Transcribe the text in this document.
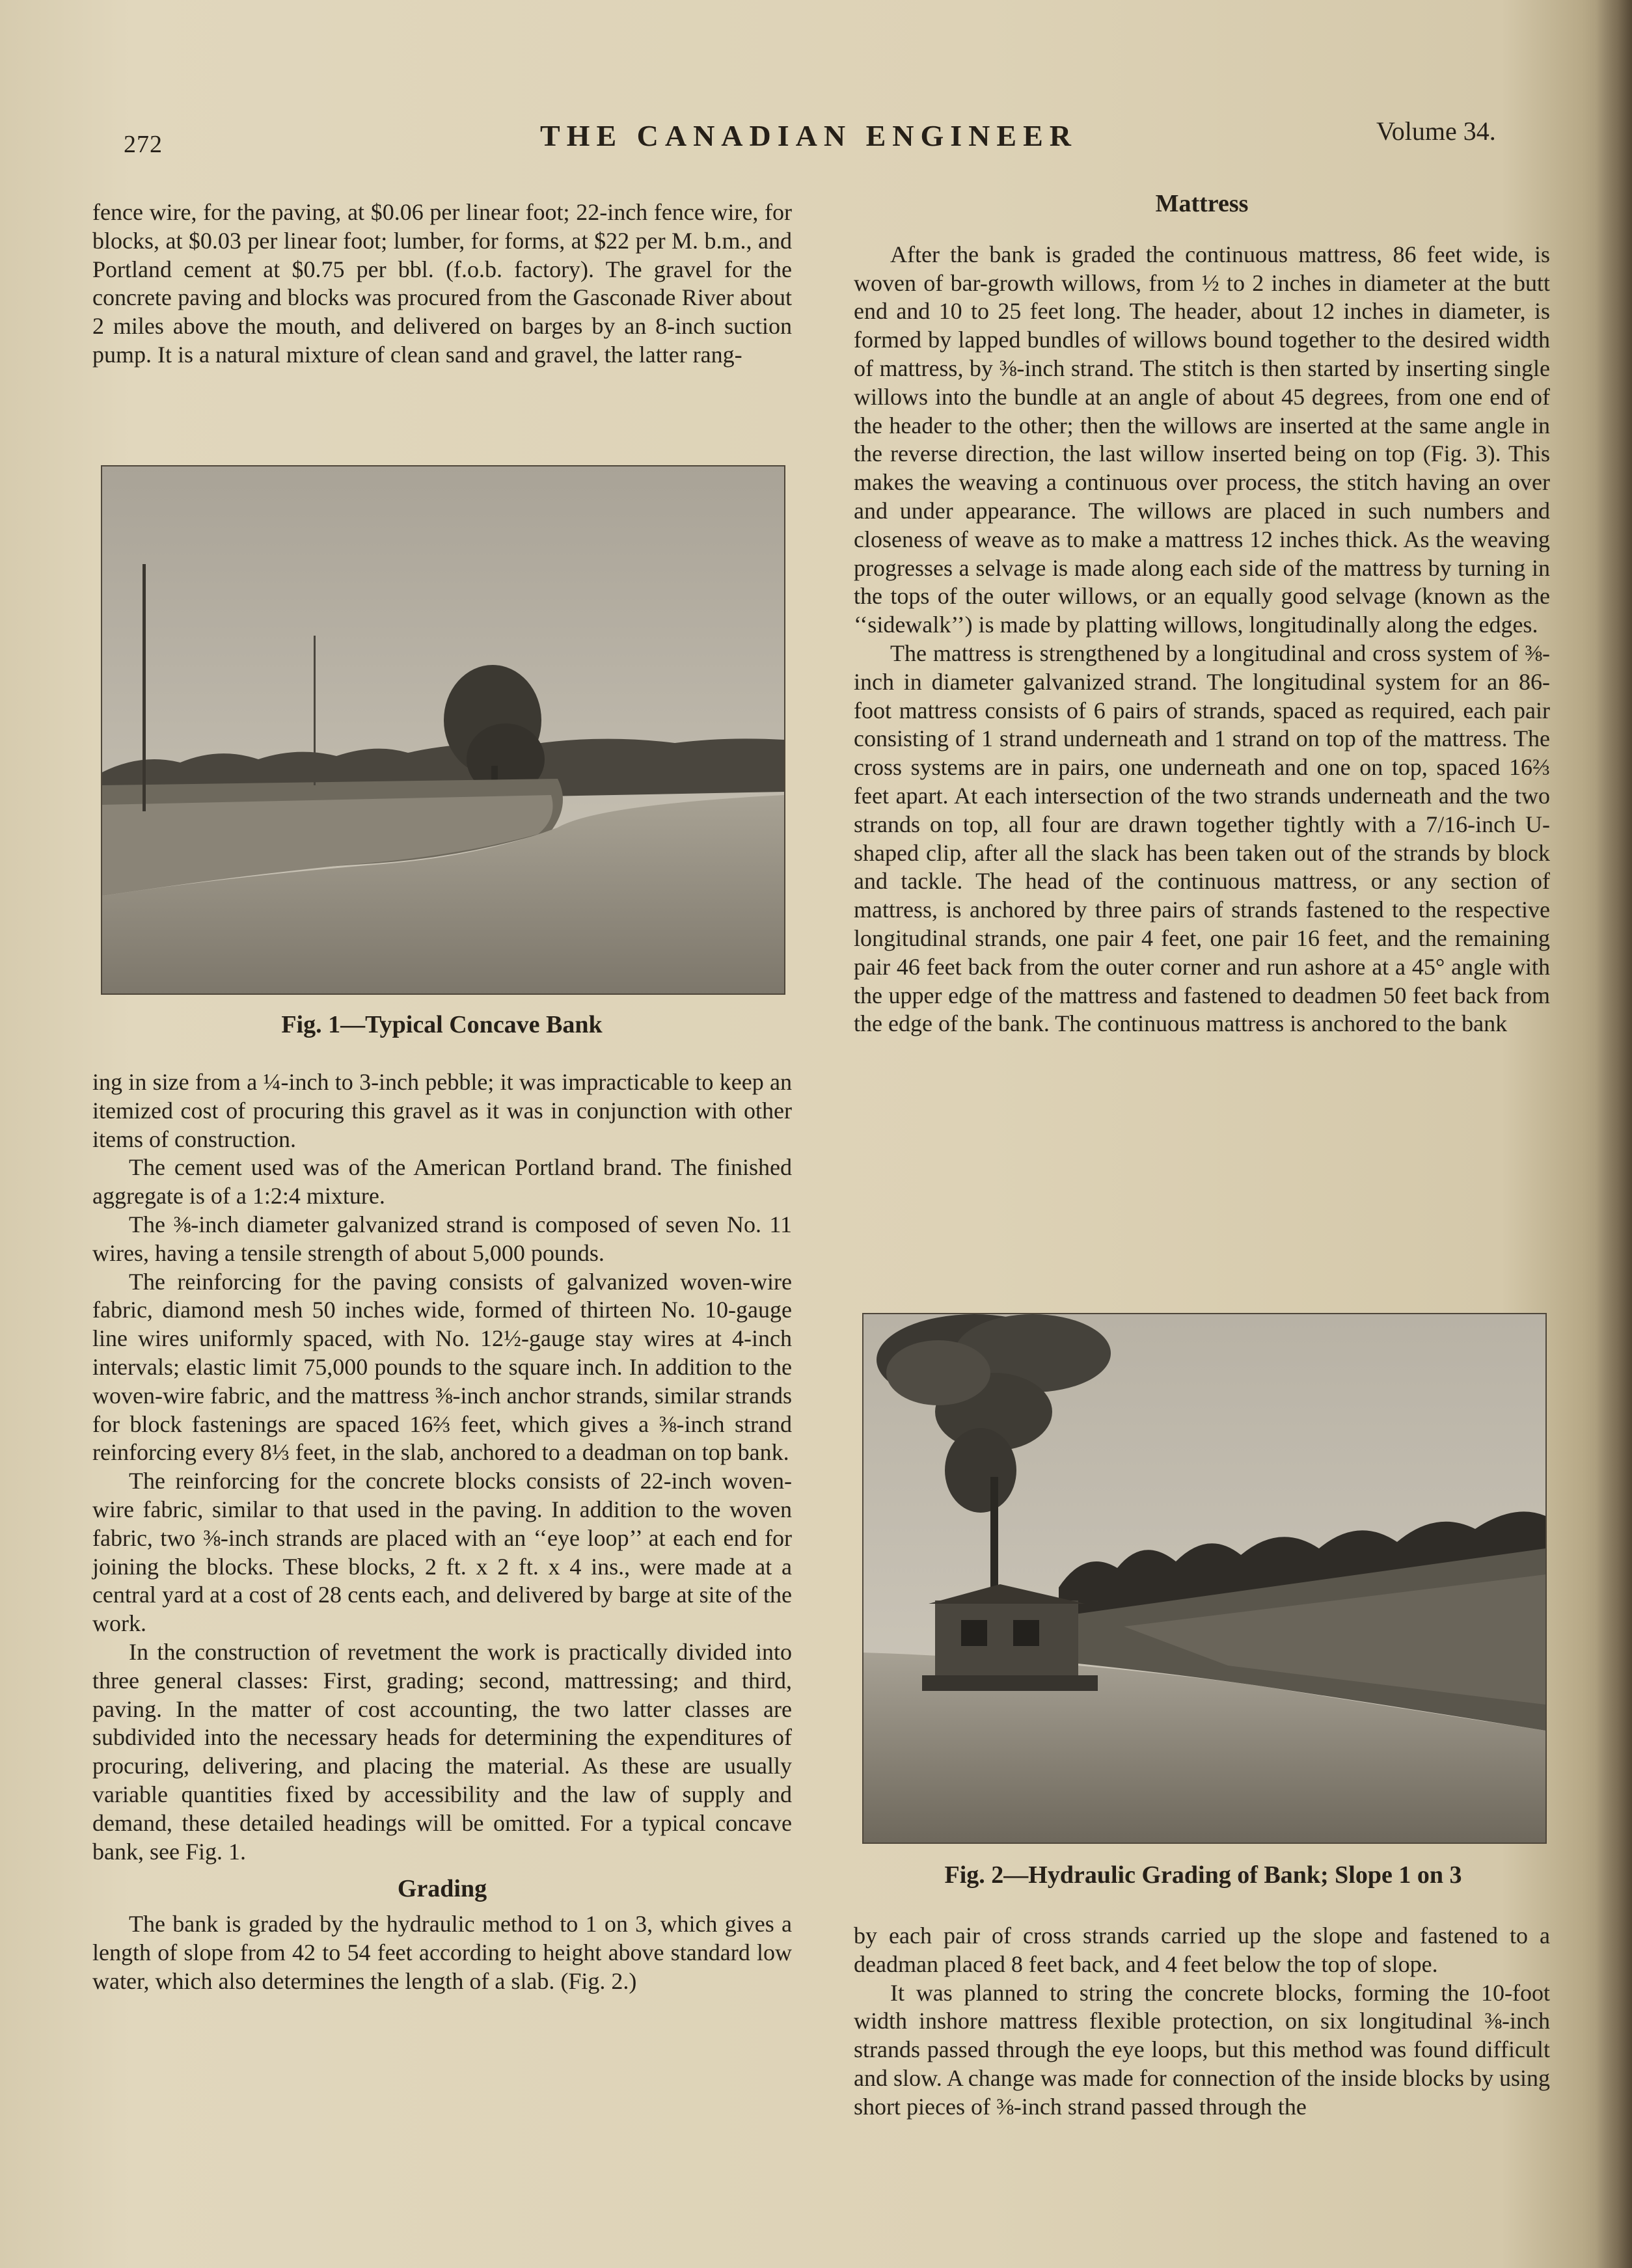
272	THE CANADIAN ENGINEER	Volume 34.

fence wire, for the paving, at $0.06 per linear foot; 22-inch fence wire, for blocks, at $0.03 per linear foot; lumber, for forms, at $22 per M. b.m., and Portland cement at $0.75 per bbl. (f.o.b. factory). The gravel for the concrete paving and blocks was procured from the Gasconade River about 2 miles above the mouth, and delivered on barges by an 8-inch suction pump. It is a natural mixture of clean sand and gravel, the latter rang-

Fig. 1—Typical Concave Bank

ing in size from a ¼-inch to 3-inch pebble; it was impracticable to keep an itemized cost of procuring this gravel as it was in conjunction with other items of construction.

The cement used was of the American Portland brand. The finished aggregate is of a 1:2:4 mixture.

The ⅜-inch diameter galvanized strand is composed of seven No. 11 wires, having a tensile strength of about 5,000 pounds.

The reinforcing for the paving consists of galvanized woven-wire fabric, diamond mesh 50 inches wide, formed of thirteen No. 10-gauge line wires uniformly spaced, with No. 12½-gauge stay wires at 4-inch intervals; elastic limit 75,000 pounds to the square inch. In addition to the woven-wire fabric, and the mattress ⅜-inch anchor strands, similar strands for block fastenings are spaced 16⅔ feet, which gives a ⅜-inch strand reinforcing every 8⅓ feet, in the slab, anchored to a deadman on top bank.

The reinforcing for the concrete blocks consists of 22-inch woven-wire fabric, similar to that used in the paving. In addition to the woven fabric, two ⅜-inch strands are placed with an ‘‘eye loop’’ at each end for joining the blocks. These blocks, 2 ft. x 2 ft. x 4 ins., were made at a central yard at a cost of 28 cents each, and delivered by barge at site of the work.

In the construction of revetment the work is practically divided into three general classes: First, grading; second, mattressing; and third, paving. In the matter of cost accounting, the two latter classes are subdivided into the necessary heads for determining the expenditures of procuring, delivering, and placing the material. As these are usually variable quantities fixed by accessibility and the law of supply and demand, these detailed headings will be omitted. For a typical concave bank, see Fig. 1.

Grading

The bank is graded by the hydraulic method to 1 on 3, which gives a length of slope from 42 to 54 feet according to height above standard low water, which also determines the length of a slab. (Fig. 2.)

Mattress

After the bank is graded the continuous mattress, 86 feet wide, is woven of bar-growth willows, from ½ to 2 inches in diameter at the butt end and 10 to 25 feet long. The header, about 12 inches in diameter, is formed by lapped bundles of willows bound together to the desired width of mattress, by ⅜-inch strand. The stitch is then started by inserting single willows into the bundle at an angle of about 45 degrees, from one end of the header to the other; then the willows are inserted at the same angle in the reverse direction, the last willow inserted being on top (Fig. 3). This makes the weaving a continuous over process, the stitch having an over and under appearance. The willows are placed in such numbers and closeness of weave as to make a mattress 12 inches thick. As the weaving progresses a selvage is made along each side of the mattress by turning in the tops of the outer willows, or an equally good selvage (known as the ‘‘sidewalk’’) is made by platting willows, longitudinally along the edges.

The mattress is strengthened by a longitudinal and cross system of ⅜-inch in diameter galvanized strand. The longitudinal system for an 86-foot mattress consists of 6 pairs of strands, spaced as required, each pair consisting of 1 strand underneath and 1 strand on top of the mattress. The cross systems are in pairs, one underneath and one on top, spaced 16⅔ feet apart. At each intersection of the two strands underneath and the two strands on top, all four are drawn together tightly with a 7/16-inch U-shaped clip, after all the slack has been taken out of the strands by block and tackle. The head of the continuous mattress, or any section of mattress, is anchored by three pairs of strands fastened to the respective longitudinal strands, one pair 4 feet, one pair 16 feet, and the remaining pair 46 feet back from the outer corner and run ashore at a 45° angle with the upper edge of the mattress and fastened to deadmen 50 feet back from the edge of the bank. The continuous mattress is anchored to the bank

Fig. 2—Hydraulic Grading of Bank; Slope 1 on 3

by each pair of cross strands carried up the slope and fastened to a deadman placed 8 feet back, and 4 feet below the top of slope.

It was planned to string the concrete blocks, forming the 10-foot width inshore mattress flexible protection, on six longitudinal ⅜-inch strands passed through the eye loops, but this method was found difficult and slow. A change was made for connection of the inside blocks by using short pieces of ⅜-inch strand passed through the
